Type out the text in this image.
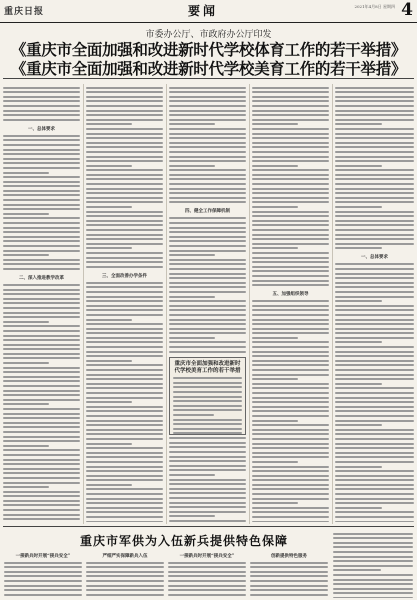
重庆日报	要闻	2021年4月8日 星期四 4
市委办公厅、市政府办公厅印发
《重庆市全面加强和改进新时代学校体育工作的若干举措》
《重庆市全面加强和改进新时代学校美育工作的若干举措》
一、总体要求
二、深入推进教学改革	三、全面改善办学条件
四、健全工作保障机制
重庆市全面加强和改进新时代学校美育工作的若干举措
五、加强组织领导
一、总体要求
重庆市军供为入伍新兵提供特色保障
一接新兵时开展“接兵安全”	严细严实保障新兵入伍	一接新兵时开展“接兵安全”	创新提供特色服务
